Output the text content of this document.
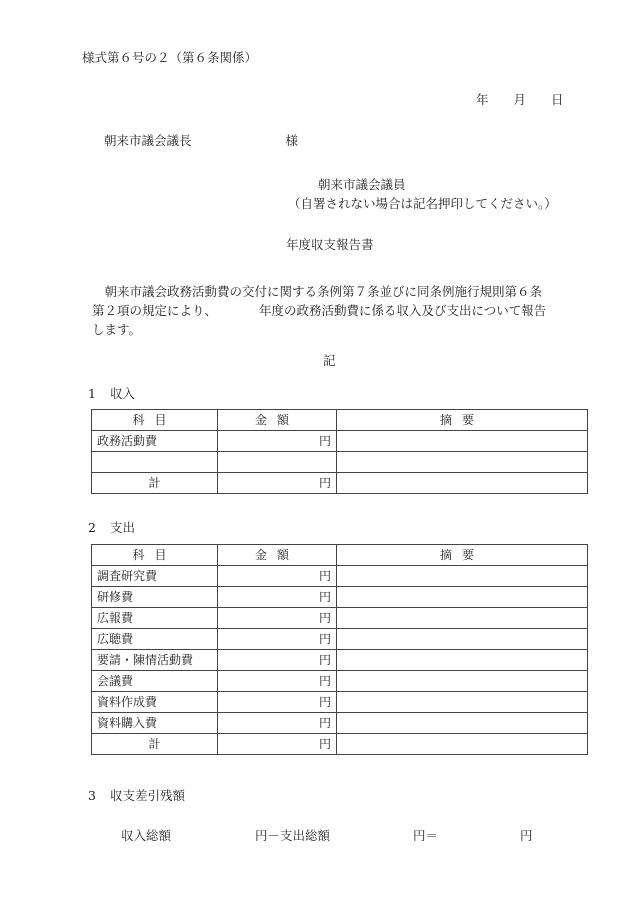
様式第６号の２（第６条関係）
年 月 日
朝来市議会議長	様
朝来市議会議員
（自署されない場合は記名押印してください。）
年度収支報告書
　朝来市議会政務活動費の交付に関する条例第７条並びに同条例施行規則第６条
第２項の規定により、	年度の政務活動費に係る収入及び支出について報告
します。
記
1 収入
科目	金額	摘要
政務活動費	円	

計	円	
2 支出
科目	金額	摘要
調査研究費	円	
研修費	円	
広報費	円	
広聴費	円	
要請・陳情活動費	円	
会議費	円	
資料作成費	円	
資料購入費	円	
計	円	
3 収支差引残額
収入総額	円－支出総額	円＝	円
